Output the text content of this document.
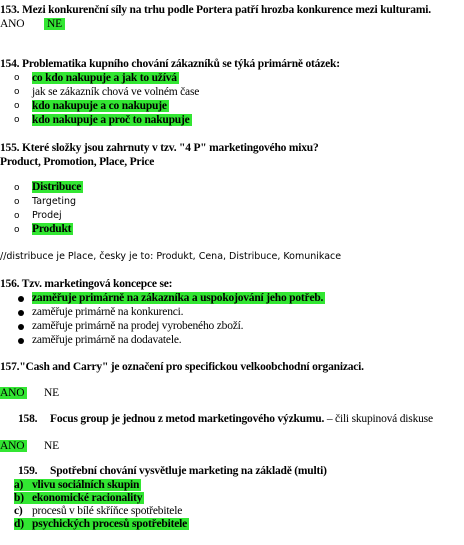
153. Mezi konkurenční síly na trhu podle Portera patří hrozba konkurence mezi kulturami.
ANO NE
154. Problematika kupního chování zákazníků se týká primárně otázek:
o co kdo nakupuje a jak to užívá
o jak se zákazník chová ve volném čase
o kdo nakupuje a co nakupuje
o kdo nakupuje a proč to nakupuje
155. Které složky jsou zahrnuty v tzv. "4 P" marketingového mixu?
Product, Promotion, Place, Price
o Distribuce
o Targeting
o Prodej
o Produkt
//distribuce je Place, česky je to: Produkt, Cena, Distribuce, Komunikace
156. Tzv. marketingová koncepce se:
zaměřuje primárně na zákazníka a uspokojování jeho potřeb.
zaměřuje primárně na konkurenci.
zaměřuje primárně na prodej vyrobeného zboží.
zaměřuje primárně na dodavatele.
157."Cash and Carry" je označení pro specifickou velkoobchodní organizaci.
ANO NE
158. Focus group je jednou z metod marketingového výzkumu. – čili skupinová diskuse
ANO NE
159. Spotřební chování vysvětluje marketing na základě (multi)
a) vlivu sociálních skupin
b) ekonomické racionality
c) procesů v bílé skříňce spotřebitele
d) psychických procesů spotřebitele
